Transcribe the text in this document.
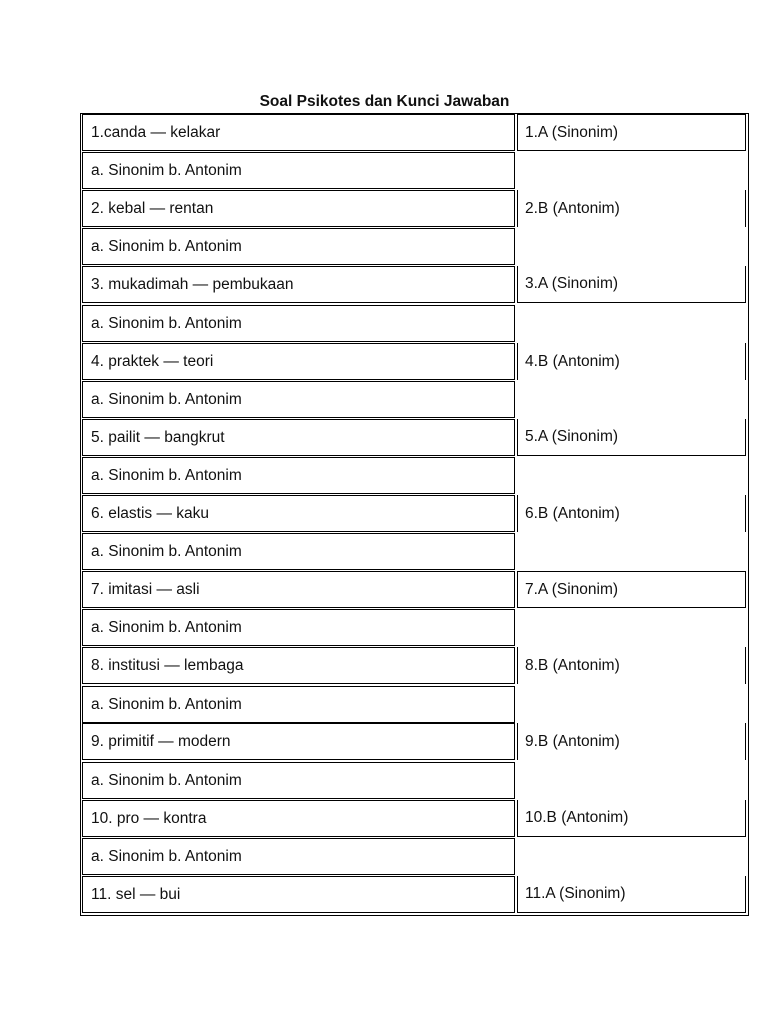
Soal Psikotes dan Kunci Jawaban
1.canda — kelakar	1.A (Sinonim)
a. Sinonim b. Antonim
2. kebal — rentan	2.B (Antonim)
a. Sinonim b. Antonim
3. mukadimah — pembukaan	3.A (Sinonim)
a. Sinonim b. Antonim
4. praktek — teori	4.B (Antonim)
a. Sinonim b. Antonim
5. pailit — bangkrut	5.A (Sinonim)
a. Sinonim b. Antonim
6. elastis — kaku	6.B (Antonim)
a. Sinonim b. Antonim
7. imitasi — asli	7.A (Sinonim)
a. Sinonim b. Antonim
8. institusi — lembaga	8.B (Antonim)
a. Sinonim b. Antonim
9. primitif — modern	9.B (Antonim)
a. Sinonim b. Antonim
10. pro — kontra	10.B (Antonim)
a. Sinonim b. Antonim
11. sel — bui	11.A (Sinonim)
